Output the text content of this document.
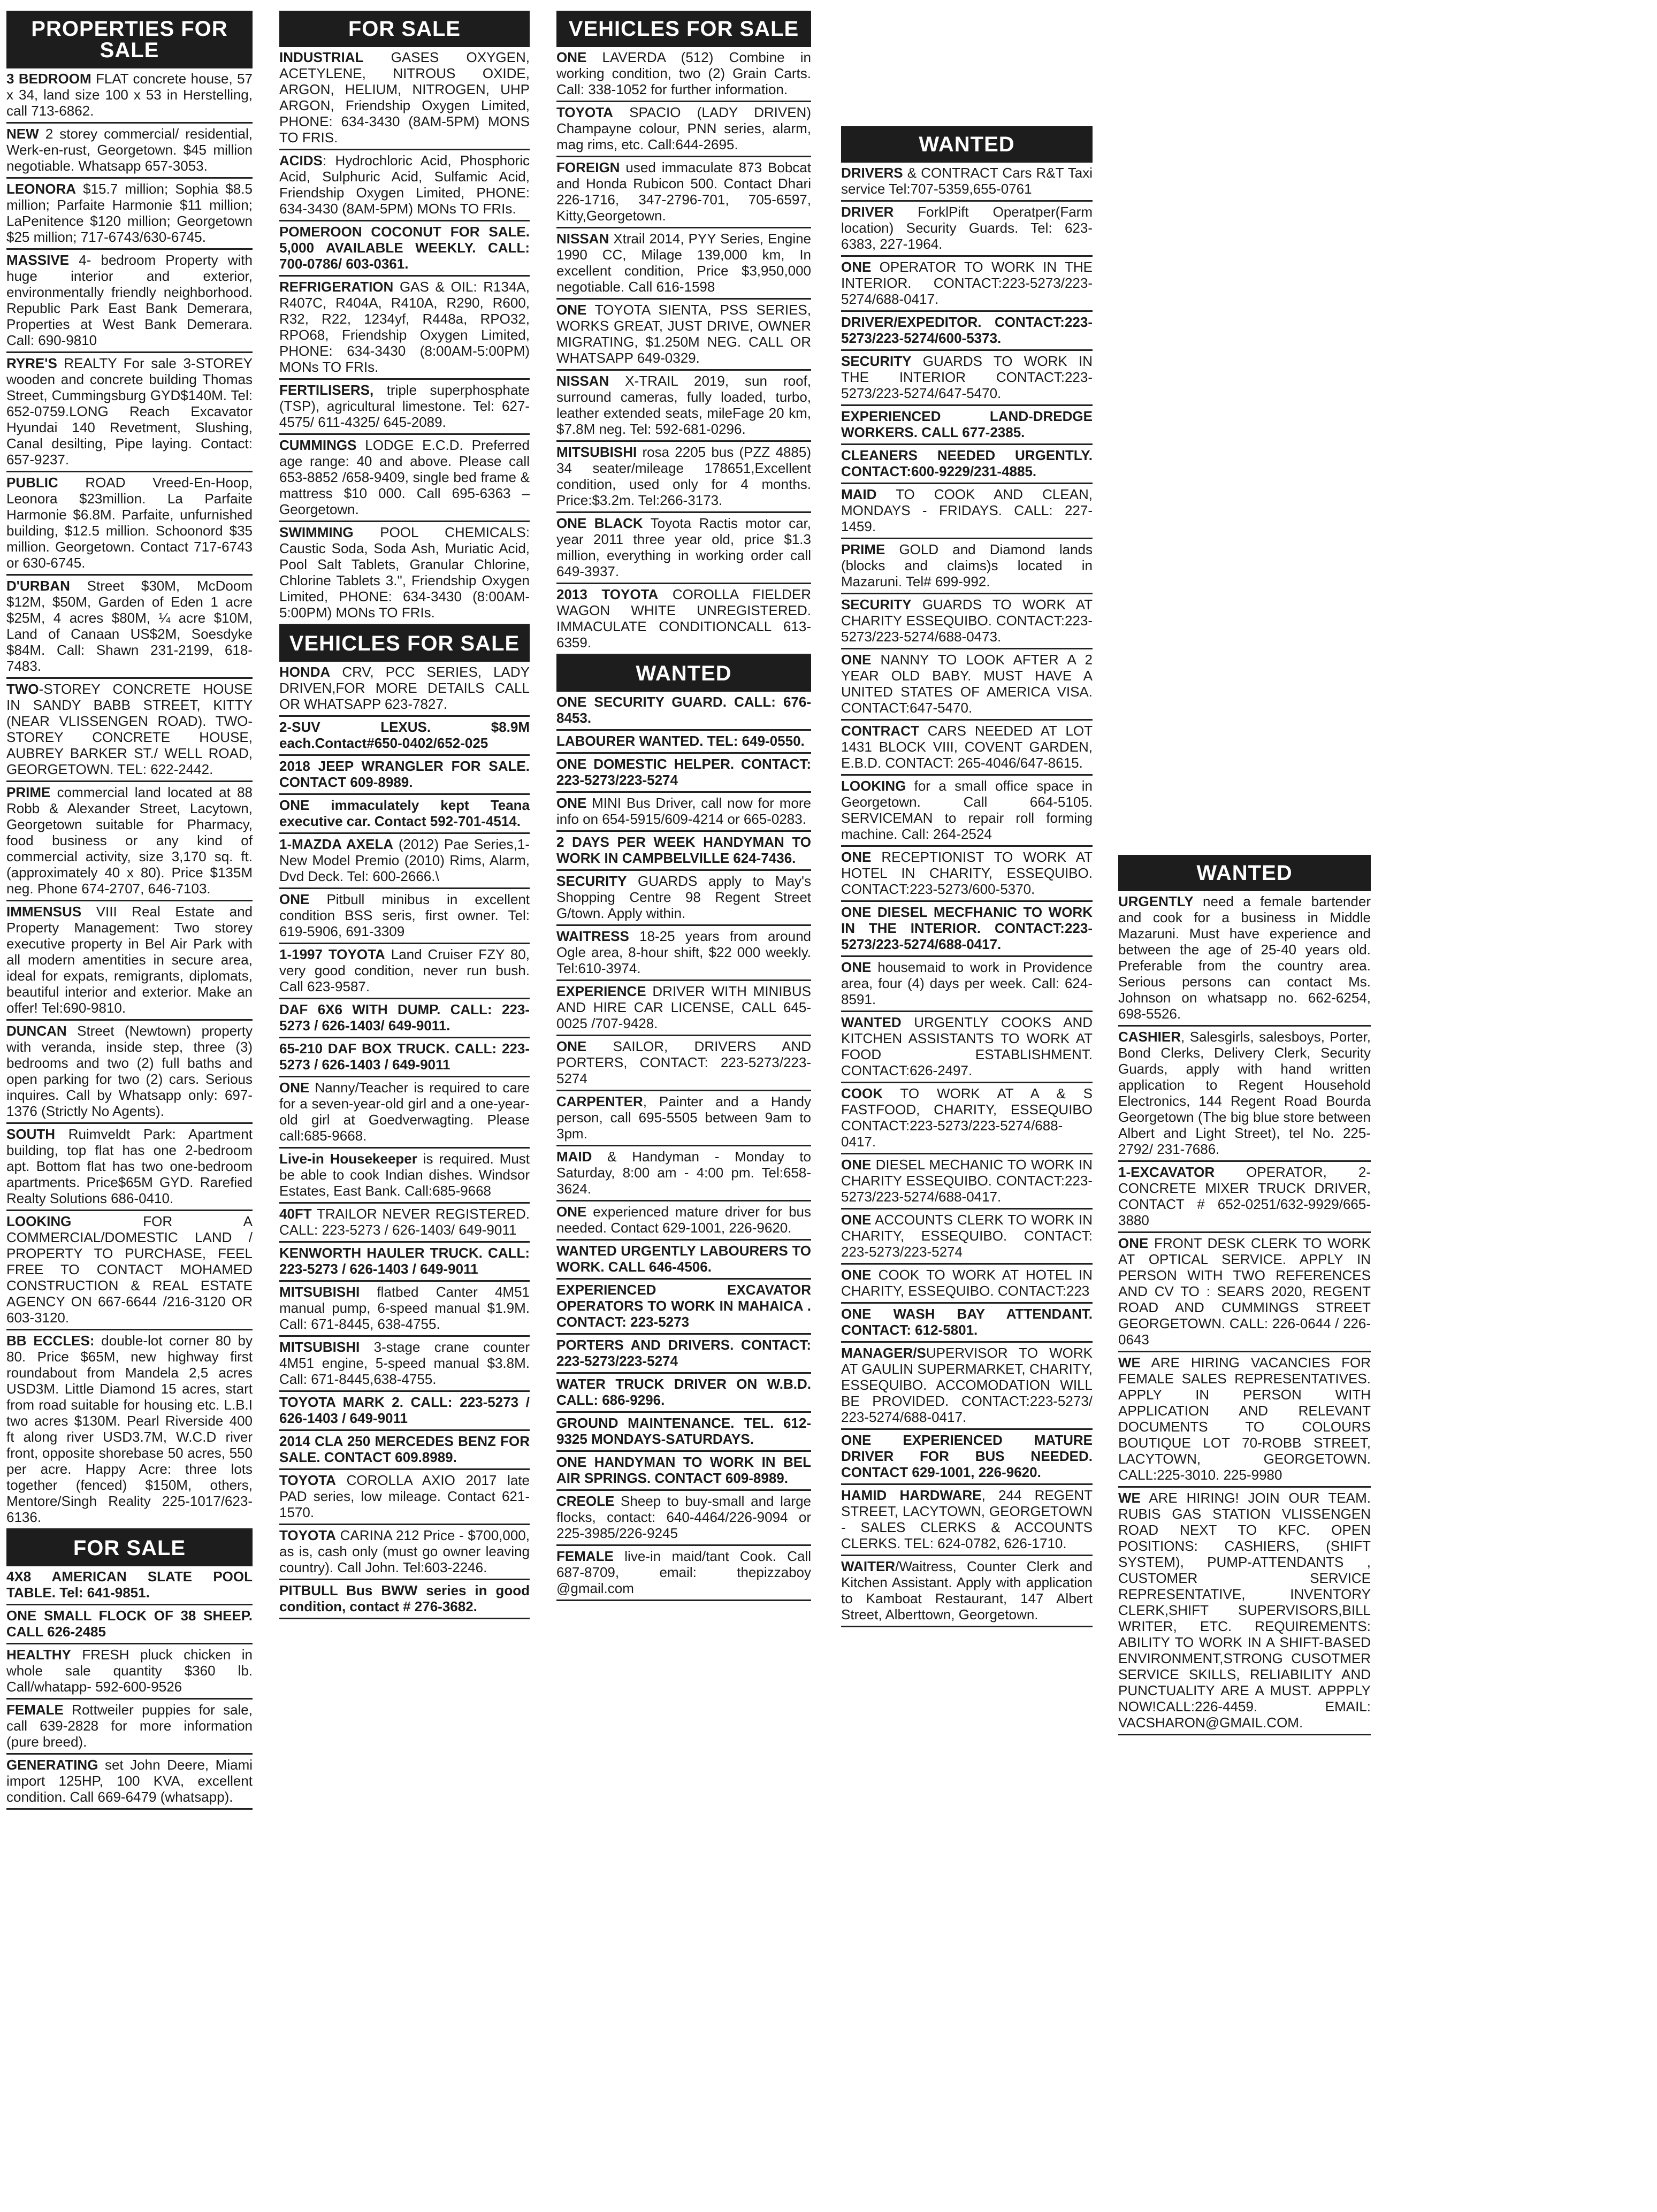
PROPERTIES FOR SALE
3 BEDROOM FLAT concrete house, 57 x 34, land size 100 x 53 in Herstelling, call 713-6862.
NEW 2 storey commercial/ residential, Werk-en-rust, Georgetown. $45 million negotiable. Whatsapp 657-3053.
LEONORA $15.7 million; Sophia $8.5 million; Parfaite Harmonie $11 million; LaPenitence $120 million; Georgetown $25 million; 717-6743/630-6745.
MASSIVE 4- bedroom Property with huge interior and exterior, environmentally friendly neighborhood. Republic Park East Bank Demerara, Properties at West Bank Demerara. Call: 690-9810
RYRE'S REALTY For sale 3-STOREY wooden and concrete building Thomas Street, Cummingsburg GYD$140M. Tel: 652-0759.LONG Reach Excavator Hyundai 140 Revetment, Slushing, Canal desilting, Pipe laying. Contact: 657-9237.
PUBLIC ROAD Vreed-En-Hoop, Leonora $23million. La Parfaite Harmonie $6.8M. Parfaite, unfurnished building, $12.5 million. Schoonord $35 million. Georgetown. Contact 717-6743 or 630-6745.
D'URBAN Street $30M, McDoom $12M, $50M, Garden of Eden 1 acre $25M, 4 acres $80M, ¼ acre $10M, Land of Canaan US$2M, Soesdyke $84M. Call: Shawn 231-2199, 618-7483.
TWO-STOREY CONCRETE HOUSE IN SANDY BABB STREET, KITTY (NEAR VLISSENGEN ROAD). TWO-STOREY CONCRETE HOUSE, AUBREY BARKER ST./ WELL ROAD, GEORGETOWN. TEL: 622-2442.
PRIME commercial land located at 88 Robb & Alexander Street, Lacytown, Georgetown suitable for Pharmacy, food business or any kind of commercial activity, size 3,170 sq. ft. (approximately 40 x 80). Price $135M neg. Phone 674-2707, 646-7103.
IMMENSUS VIII Real Estate and Property Management: Two storey executive property in Bel Air Park with all modern amentities in secure area, ideal for expats, remigrants, diplomats, beautiful interior and exterior. Make an offer! Tel:690-9810.
DUNCAN Street (Newtown) property with veranda, inside step, three (3) bedrooms and two (2) full baths and open parking for two (2) cars. Serious inquires. Call by Whatsapp only: 697-1376 (Strictly No Agents).
SOUTH Ruimveldt Park: Apartment building, top flat has one 2-bedroom apt. Bottom flat has two one-bedroom apartments. Price$65M GYD. Rarefied Realty Solutions 686-0410.
LOOKING FOR A COMMERCIAL/DOMESTIC LAND / PROPERTY TO PURCHASE, FEEL FREE TO CONTACT MOHAMED CONSTRUCTION & REAL ESTATE AGENCY ON 667-6644 /216-3120 OR 603-3120.
BB ECCLES: double-lot corner 80 by 80. Price $65M, new highway first roundabout from Mandela 2,5 acres USD3M. Little Diamond 15 acres, start from road suitable for housing etc. L.B.I two acres $130M. Pearl Riverside 400 ft along river USD3.7M, W.C.D river front, opposite shorebase 50 acres, 550 per acre. Happy Acre: three lots together (fenced) $150M, others, Mentore/Singh Reality 225-1017/623-6136.
FOR SALE
4X8 AMERICAN SLATE POOL TABLE. Tel: 641-9851.
ONE SMALL FLOCK OF 38 SHEEP. CALL 626-2485
HEALTHY FRESH pluck chicken in whole sale quantity $360 lb. Call/whatapp- 592-600-9526
FEMALE Rottweiler puppies for sale, call 639-2828 for more information (pure breed).
GENERATING set John Deere, Miami import 125HP, 100 KVA, excellent condition. Call 669-6479 (whatsapp).
FOR SALE
INDUSTRIAL GASES OXYGEN, ACETYLENE, NITROUS OXIDE, ARGON, HELIUM, NITROGEN, UHP ARGON, Friendship Oxygen Limited, PHONE: 634-3430 (8AM-5PM) MONS TO FRIS.
ACIDS: Hydrochloric Acid, Phosphoric Acid, Sulphuric Acid, Sulfamic Acid, Friendship Oxygen Limited, PHONE: 634-3430 (8AM-5PM) MONs TO FRIs.
POMEROON COCONUT FOR SALE. 5,000 AVAILABLE WEEKLY. CALL: 700-0786/ 603-0361.
REFRIGERATION GAS & OIL: R134A, R407C, R404A, R410A, R290, R600, R32, R22, 1234yf, R448a, RPO32, RPO68, Friendship Oxygen Limited, PHONE: 634-3430 (8:00AM-5:00PM) MONs TO FRIs.
FERTILISERS, triple superphosphate (TSP), agricultural limestone. Tel: 627-4575/ 611-4325/ 645-2089.
CUMMINGS LODGE E.C.D. Preferred age range: 40 and above. Please call 653-8852 /658-9409, single bed frame & mattress $10 000. Call 695-6363 – Georgetown.
SWIMMING POOL CHEMICALS: Caustic Soda, Soda Ash, Muriatic Acid, Pool Salt Tablets, Granular Chlorine, Chlorine Tablets 3.", Friendship Oxygen Limited, PHONE: 634-3430 (8:00AM-5:00PM) MONs TO FRIs.
VEHICLES FOR SALE
HONDA CRV, PCC SERIES, LADY DRIVEN,FOR MORE DETAILS CALL OR WHATSAPP 623-7827.
2-SUV LEXUS. $8.9M each.Contact#650-0402/652-025
2018 JEEP WRANGLER FOR SALE. CONTACT 609-8989.
ONE immaculately kept Teana executive car. Contact 592-701-4514.
1-MAZDA AXELA (2012) Pae Series,1- New Model Premio (2010) Rims, Alarm, Dvd Deck. Tel: 600-2666.\
ONE Pitbull minibus in excellent condition BSS seris, first owner. Tel: 619-5906, 691-3309
1-1997 TOYOTA Land Cruiser FZY 80, very good condition, never run bush. Call 623-9587.
DAF 6X6 WITH DUMP. CALL: 223-5273 / 626-1403/ 649-9011.
65-210 DAF BOX TRUCK. CALL: 223-5273 / 626-1403 / 649-9011
ONE Nanny/Teacher is required to care for a seven-year-old girl and a one-year-old girl at Goedverwagting. Please call:685-9668.
Live-in Housekeeper is required. Must be able to cook Indian dishes. Windsor Estates, East Bank. Call:685-9668
40FT TRAILOR NEVER REGISTERED. CALL: 223-5273 / 626-1403/ 649-9011
KENWORTH HAULER TRUCK. CALL: 223-5273 / 626-1403 / 649-9011
MITSUBISHI flatbed Canter 4M51 manual pump, 6-speed manual $1.9M. Call: 671-8445, 638-4755.
MITSUBISHI 3-stage crane counter 4M51 engine, 5-speed manual $3.8M. Call: 671-8445,638-4755.
TOYOTA MARK 2. CALL: 223-5273 / 626-1403 / 649-9011
2014 CLA 250 MERCEDES BENZ FOR SALE. CONTACT 609.8989.
TOYOTA COROLLA AXIO 2017 late PAD series, low mileage. Contact 621-1570.
TOYOTA CARINA 212 Price - $700,000, as is, cash only (must go owner leaving country). Call John. Tel:603-2246.
PITBULL Bus BWW series in good condition, contact # 276-3682.
VEHICLES FOR SALE
ONE LAVERDA (512) Combine in working condition, two (2) Grain Carts. Call: 338-1052 for further information.
TOYOTA SPACIO (LADY DRIVEN) Champayne colour, PNN series, alarm, mag rims, etc. Call:644-2695.
FOREIGN used immaculate 873 Bobcat and Honda Rubicon 500. Contact Dhari 226-1716, 347-2796-701, 705-6597, Kitty,Georgetown.
NISSAN Xtrail 2014, PYY Series, Engine 1990 CC, Milage 139,000 km, In excellent condition, Price $3,950,000 negotiable. Call 616-1598
ONE TOYOTA SIENTA, PSS SERIES, WORKS GREAT, JUST DRIVE, OWNER MIGRATING, $1.250M NEG. CALL OR WHATSAPP 649-0329.
NISSAN X-TRAIL 2019, sun roof, surround cameras, fully loaded, turbo, leather extended seats, mileFage 20 km, $7.8M neg. Tel: 592-681-0296.
MITSUBISHI rosa 2205 bus (PZZ 4885) 34 seater/mileage 178651,Excellent condition, used only for 4 months. Price:$3.2m. Tel:266-3173.
ONE BLACK Toyota Ractis motor car, year 2011 three year old, price $1.3 million, everything in working order call 649-3937.
2013 TOYOTA COROLLA FIELDER WAGON WHITE UNREGISTERED. IMMACULATE CONDITIONCALL 613-6359.
WANTED
ONE SECURITY GUARD. CALL: 676-8453.
LABOURER WANTED. TEL: 649-0550.
ONE DOMESTIC HELPER. CONTACT: 223-5273/223-5274
ONE MINI Bus Driver, call now for more info on 654-5915/609-4214 or 665-0283.
2 DAYS PER WEEK HANDYMAN TO WORK IN CAMPBELVILLE 624-7436.
SECURITY GUARDS apply to May's Shopping Centre 98 Regent Street G/town. Apply within.
WAITRESS 18-25 years from around Ogle area, 8-hour shift, $22 000 weekly. Tel:610-3974.
EXPERIENCE DRIVER WITH MINIBUS AND HIRE CAR LICENSE, CALL 645-0025 /707-9428.
ONE SAILOR, DRIVERS AND PORTERS, CONTACT: 223-5273/223-5274
CARPENTER, Painter and a Handy person, call 695-5505 between 9am to 3pm.
MAID & Handyman - Monday to Saturday, 8:00 am - 4:00 pm. Tel:658-3624.
ONE experienced mature driver for bus needed. Contact 629-1001, 226-9620.
WANTED URGENTLY LABOURERS TO WORK. CALL 646-4506.
EXPERIENCED EXCAVATOR OPERATORS TO WORK IN MAHAICA . CONTACT: 223-5273
PORTERS AND DRIVERS. CONTACT: 223-5273/223-5274
WATER TRUCK DRIVER ON W.B.D. CALL: 686-9296.
GROUND MAINTENANCE. TEL. 612-9325 MONDAYS-SATURDAYS.
ONE HANDYMAN TO WORK IN BEL AIR SPRINGS. CONTACT 609-8989.
CREOLE Sheep to buy-small and large flocks, contact: 640-4464/226-9094 or 225-3985/226-9245
FEMALE live-in maid/tant Cook. Call 687-8709, email: thepizzaboy @gmail.com
WANTED
DRIVERS & CONTRACT Cars R&T Taxi service Tel:707-5359,655-0761
DRIVER ForklPift Operatper(Farm location) Security Guards. Tel: 623-6383, 227-1964.
ONE OPERATOR TO WORK IN THE INTERIOR. CONTACT:223-5273/223-5274/688-0417.
DRIVER/EXPEDITOR. CONTACT:223-5273/223-5274/600-5373.
SECURITY GUARDS TO WORK IN THE INTERIOR CONTACT:223-5273/223-5274/647-5470.
EXPERIENCED LAND-DREDGE WORKERS. CALL 677-2385.
CLEANERS NEEDED URGENTLY. CONTACT:600-9229/231-4885.
MAID TO COOK AND CLEAN, MONDAYS - FRIDAYS. CALL: 227-1459.
PRIME GOLD and Diamond lands (blocks and claims)s located in Mazaruni. Tel# 699-992.
SECURITY GUARDS TO WORK AT CHARITY ESSEQUIBO. CONTACT:223-5273/223-5274/688-0473.
ONE NANNY TO LOOK AFTER A 2 YEAR OLD BABY. MUST HAVE A UNITED STATES OF AMERICA VISA. CONTACT:647-5470.
CONTRACT CARS NEEDED AT LOT 1431 BLOCK VIII, COVENT GARDEN, E.B.D. CONTACT: 265-4046/647-8615.
LOOKING for a small office space in Georgetown. Call 664-5105. SERVICEMAN to repair roll forming machine. Call: 264-2524
ONE RECEPTIONIST TO WORK AT HOTEL IN CHARITY, ESSEQUIBO. CONTACT:223-5273/600-5370.
ONE DIESEL MECFHANIC TO WORK IN THE INTERIOR. CONTACT:223-5273/223-5274/688-0417.
ONE housemaid to work in Providence area, four (4) days per week. Call: 624-8591.
WANTED URGENTLY COOKS AND KITCHEN ASSISTANTS TO WORK AT FOOD ESTABLISHMENT. CONTACT:626-2497.
COOK TO WORK AT A & S FASTFOOD, CHARITY, ESSEQUIBO CONTACT:223-5273/223-5274/688-0417.
ONE DIESEL MECHANIC TO WORK IN CHARITY ESSEQUIBO. CONTACT:223-5273/223-5274/688-0417.
ONE ACCOUNTS CLERK TO WORK IN CHARITY, ESSEQUIBO. CONTACT: 223-5273/223-5274
ONE COOK TO WORK AT HOTEL IN CHARITY, ESSEQUIBO. CONTACT:223
ONE WASH BAY ATTENDANT. CONTACT: 612-5801.
MANAGER/SUPERVISOR TO WORK AT GAULIN SUPERMARKET, CHARITY, ESSEQUIBO. ACCOMODATION WILL BE PROVIDED. CONTACT:223-5273/ 223-5274/688-0417.
ONE EXPERIENCED MATURE DRIVER FOR BUS NEEDED. CONTACT 629-1001, 226-9620.
HAMID HARDWARE, 244 REGENT STREET, LACYTOWN, GEORGETOWN - SALES CLERKS & ACCOUNTS CLERKS. TEL: 624-0782, 626-1710.
WAITER/Waitress, Counter Clerk and Kitchen Assistant. Apply with application to Kamboat Restaurant, 147 Albert Street, Alberttown, Georgetown.
WANTED
URGENTLY need a female bartender and cook for a business in Middle Mazaruni. Must have experience and between the age of 25-40 years old. Preferable from the country area. Serious persons can contact Ms. Johnson on whatsapp no. 662-6254, 698-5526.
CASHIER, Salesgirls, salesboys, Porter, Bond Clerks, Delivery Clerk, Security Guards, apply with hand written application to Regent Household Electronics, 144 Regent Road Bourda Georgetown (The big blue store between Albert and Light Street), tel No. 225-2792/ 231-7686.
1-EXCAVATOR OPERATOR, 2- CONCRETE MIXER TRUCK DRIVER, CONTACT # 652-0251/632-9929/665-3880
ONE FRONT DESK CLERK TO WORK AT OPTICAL SERVICE. APPLY IN PERSON WITH TWO REFERENCES AND CV TO : SEARS 2020, REGENT ROAD AND CUMMINGS STREET GEORGETOWN. CALL: 226-0644 / 226-0643
WE ARE HIRING VACANCIES FOR FEMALE SALES REPRESENTATIVES. APPLY IN PERSON WITH APPLICATION AND RELEVANT DOCUMENTS TO COLOURS BOUTIQUE LOT 70-ROBB STREET, LACYTOWN, GEORGETOWN. CALL:225-3010. 225-9980
WE ARE HIRING! JOIN OUR TEAM. RUBIS GAS STATION VLISSENGEN ROAD NEXT TO KFC. OPEN POSITIONS: CASHIERS, (SHIFT SYSTEM), PUMP-ATTENDANTS , CUSTOMER SERVICE REPRESENTATIVE, INVENTORY CLERK,SHIFT SUPERVISORS,BILL WRITER, ETC. REQUIREMENTS: ABILITY TO WORK IN A SHIFT-BASED ENVIRONMENT,STRONG CUSOTMER SERVICE SKILLS, RELIABILITY AND PUNCTUALITY ARE A MUST. APPPLY NOW!CALL:226-4459. EMAIL: VACSHARON@GMAIL.COM.
